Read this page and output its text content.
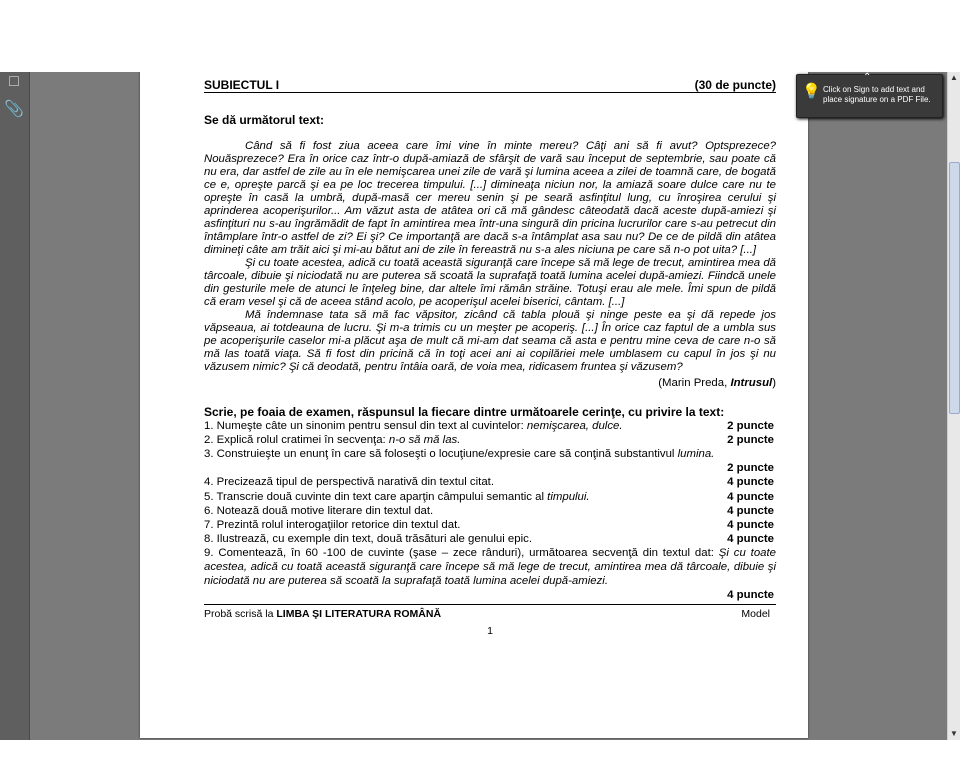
□
📎
SUBIECTUL I	(30 de puncte)
Se dă următorul text:

Când să fi fost ziua aceea care îmi vine în minte mereu? Câţi ani să fi avut? Optsprezece? Nouăsprezece? Era în orice caz într-o după-amiază de sfârşit de vară sau început de septembrie, sau poate că nu era, dar astfel de zile au în ele nemişcarea unei zile de vară şi lumina aceea a zilei de toamnă care, de bogată ce e, opreşte parcă şi ea pe loc trecerea timpului. [...] dimineaţa niciun nor, la amiază soare dulce care nu te opreşte în casă la umbră, după-masă cer mereu senin şi pe seară asfinţitul lung, cu înroşirea cerului şi aprinderea acoperişurilor... Am văzut asta de atâtea ori că mă gândesc câteodată dacă aceste după-amiezi şi asfinţituri nu s-au îngrămădit de fapt în amintirea mea într-una singură din pricina lucrurilor care s-au petrecut din întâmplare într-o astfel de zi? Ei şi? Ce importanţă are dacă s-a întâmplat asa sau nu? De ce de pildă din atâtea dimineţi câte am trăit aici şi mi-au bătut ani de zile în fereastră nu s-a ales niciuna pe care să n-o pot uita? [...]

Şi cu toate acestea, adică cu toată această siguranţă care începe să mă lege de trecut, amintirea mea dă târcoale, dibuie şi niciodată nu are puterea să scoată la suprafaţă toată lumina acelei după-amiezi. Fiindcă unele din gesturile mele de atunci le înţeleg bine, dar altele îmi rămân străine. Totuşi erau ale mele. Îmi spun de pildă că eram vesel şi că de aceea stând acolo, pe acoperişul acelei biserici, cântam. [...]

Mă îndemnase tata să mă fac văpsitor, zicând că tabla plouă şi ninge peste ea şi dă repede jos văpseaua, ai totdeauna de lucru. Şi m-a trimis cu un meşter pe acoperiş. [...] În orice caz faptul de a umbla sus pe acoperişurile caselor mi-a plăcut aşa de mult că mi-am dat seama că asta e pentru mine ceva de care n-o să mă las toată viaţa. Să fi fost din pricină că în toţi acei ani ai copilăriei mele umblasem cu capul în jos şi nu văzusem nimic? Şi că deodată, pentru întâia oară, de voia mea, ridicasem fruntea şi văzusem?

(Marin Preda, Intrusul)
Scrie, pe foaia de examen, răspunsul la fiecare dintre următoarele cerinţe, cu privire la text:
1. Numeşte câte un sinonim pentru sensul din text al cuvintelor: nemişcarea, dulce.	2 puncte
2. Explică rolul cratimei în secvenţa: n-o să mă las.	2 puncte
3. Construieşte un enunţ în care să foloseşti o locuţiune/expresie care să conţină substantivul lumina.
2 puncte
4. Precizează tipul de perspectivă narativă din textul citat.	4 puncte
5. Transcrie două cuvinte din text care aparţin câmpului semantic al timpului.	4 puncte
6. Notează două motive literare din textul dat.	4 puncte
7. Prezintă rolul interogaţiilor retorice din textul dat.	4 puncte
8. Ilustrează, cu exemple din text, două trăsături ale genului epic.	4 puncte
9. Comentează, în 60 -100 de cuvinte (şase – zece rânduri), următoarea secvenţă din textul dat: Şi cu toate acestea, adică cu toată această siguranţă care începe să mă lege de trecut, amintirea mea dă târcoale, dibuie şi niciodată nu are puterea să scoată la suprafaţă toată lumina acelei după-amiezi.
4 puncte
Probă scrisă la LIMBA ŞI LITERATURA ROMÂNĂ	Model
1
▲
▼
⌃
💡 Click on Sign to add text and place signature on a PDF File.
